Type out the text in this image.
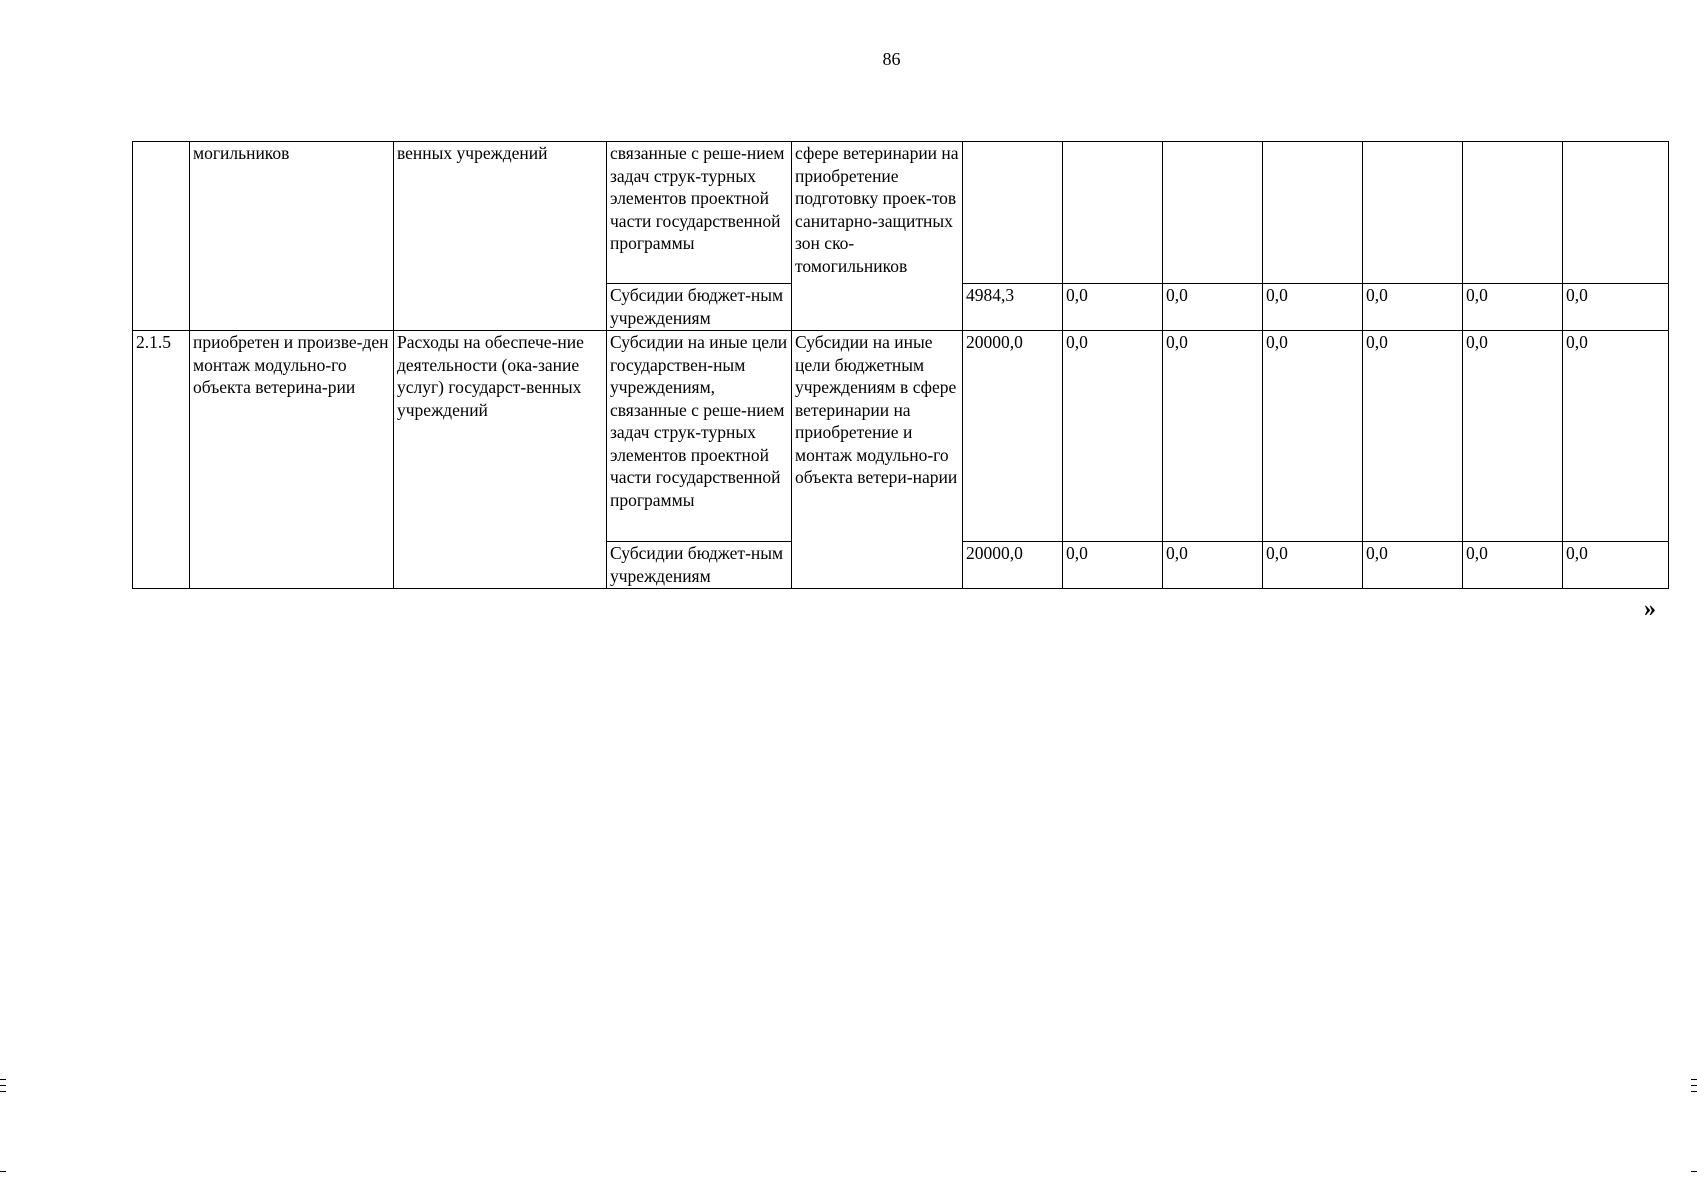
86
	могильников	венных учреждений	связанные с реше-нием задач струк-турных элементов проектной части государственной программы	сфере ветеринарии на приобретение подготовку проек-тов санитарно-защитных зон ско-томогильников							
			Субсидии бюджет-ным учреждениям		4984,3	0,0	0,0	0,0	0,0	0,0	0,0
2.1.5	приобретен и произве-ден монтаж модульно-го объекта ветерина-рии	Расходы на обеспече-ние деятельности (ока-зание услуг) государст-венных учреждений	Субсидии на иные цели государствен-ным учреждениям, связанные с реше-нием задач струк-турных элементов проектной части государственной программы	Субсидии на иные цели бюджетным учреждениям в сфере ветеринарии на приобретение и монтаж модульно-го объекта ветери-нарии	20000,0	0,0	0,0	0,0	0,0	0,0	0,0
			Субсидии бюджет-ным учреждениям		20000,0	0,0	0,0	0,0	0,0	0,0	0,0
»
